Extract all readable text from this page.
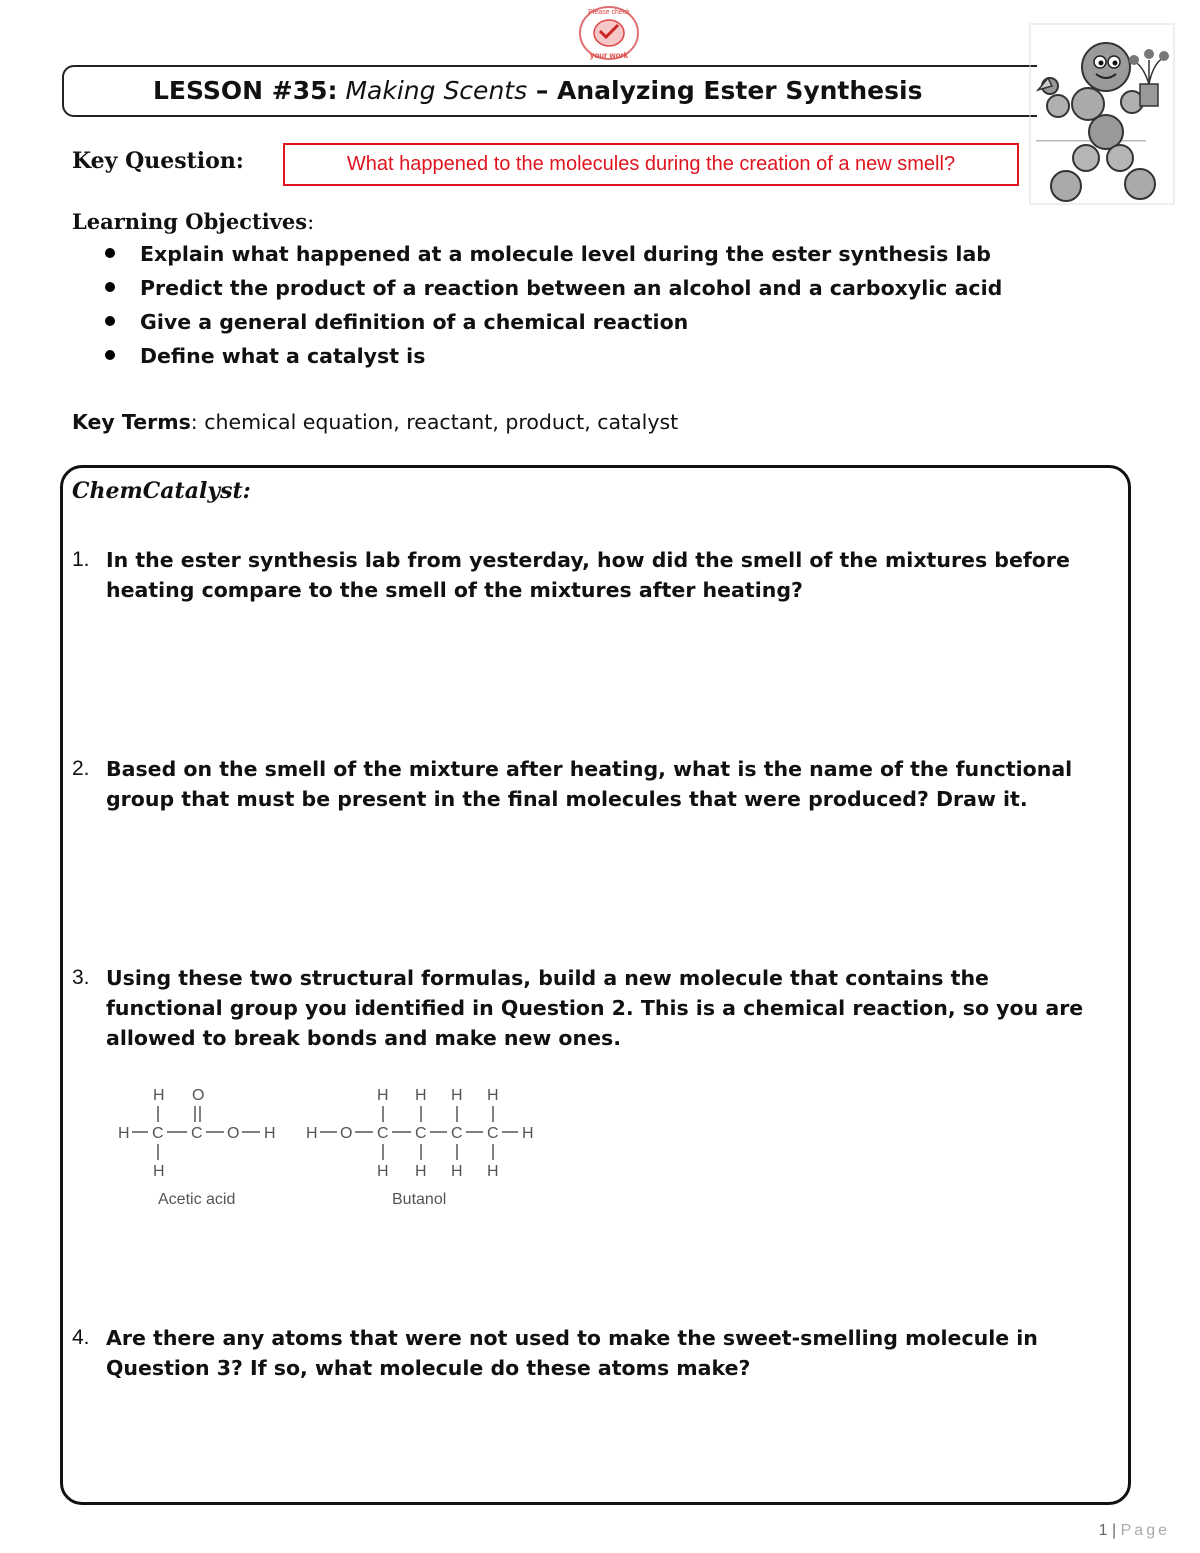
Please check
your work
LESSON #35: Making Scents – Analyzing Ester Synthesis
Key Question:	What happened to the molecules during the creation of a new smell?
Learning Objectives:
Explain what happened at a molecule level during the ester synthesis lab
Predict the product of a reaction between an alcohol and a carboxylic acid
Give a general definition of a chemical reaction
Define what a catalyst is
Key Terms: chemical equation, reactant, product, catalyst
ChemCatalyst:
1. In the ester synthesis lab from yesterday, how did the smell of the mixtures before heating compare to the smell of the mixtures after heating?
2. Based on the smell of the mixture after heating, what is the name of the functional group that must be present in the final molecules that were produced? Draw it.
3. Using these two structural formulas, build a new molecule that contains the functional group you identified in Question 2. This is a chemical reaction, so you are allowed to break bonds and make new ones.
H O
H C C O H
H
Acetic acid
H O C C C C H
H H H H
H H H H
Butanol
4. Are there any atoms that were not used to make the sweet-smelling molecule in Question 3? If so, what molecule do these atoms make?
1 | Page
